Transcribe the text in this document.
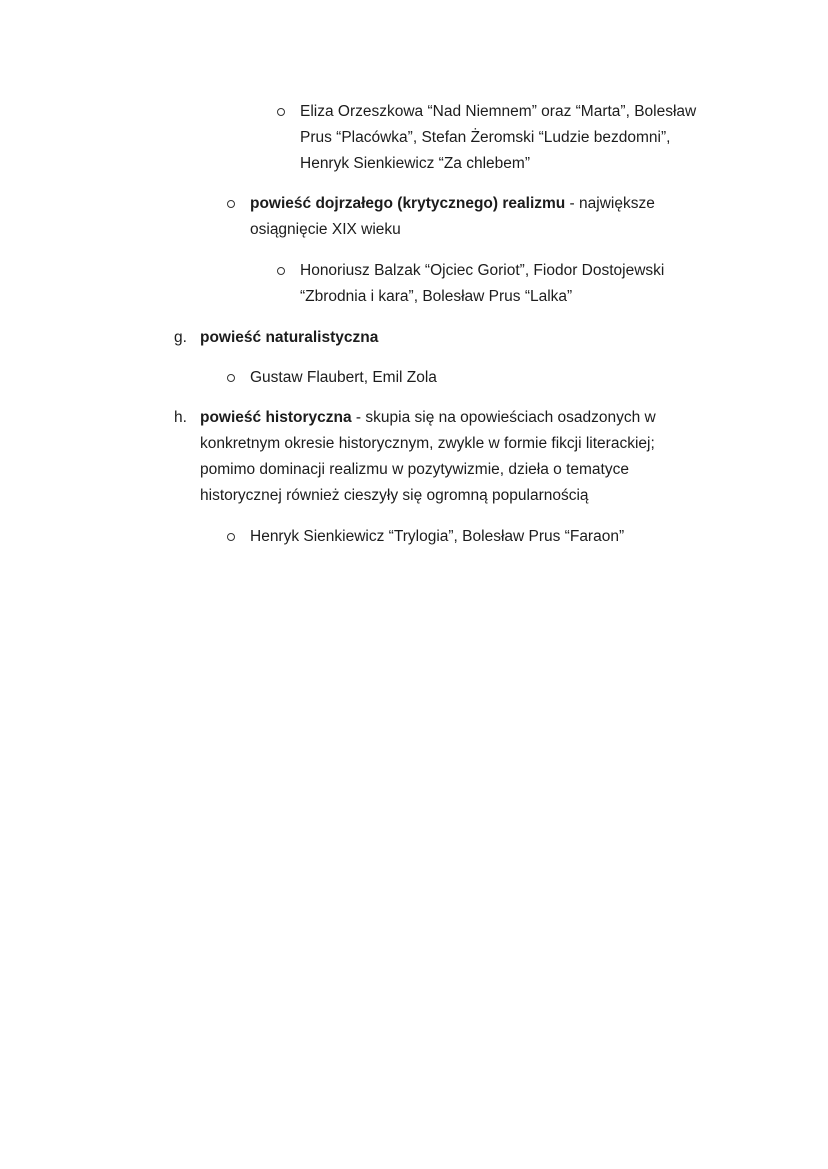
Eliza Orzeszkowa “Nad Niemnem” oraz “Marta”, Bolesław
Prus “Placówka”, Stefan Żeromski “Ludzie bezdomni”,
Henryk Sienkiewicz “Za chlebem”
powieść dojrzałego (krytycznego) realizmu - największe
osiągnięcie XIX wieku
Honoriusz Balzak “Ojciec Goriot”, Fiodor Dostojewski
“Zbrodnia i kara”, Bolesław Prus “Lalka”
g. powieść naturalistyczna
Gustaw Flaubert, Emil Zola
h. powieść historyczna - skupia się na opowieściach osadzonych w
konkretnym okresie historycznym, zwykle w formie fikcji literackiej;
pomimo dominacji realizmu w pozytywizmie, dzieła o tematyce
historycznej również cieszyły się ogromną popularnością
Henryk Sienkiewicz “Trylogia”, Bolesław Prus “Faraon”
